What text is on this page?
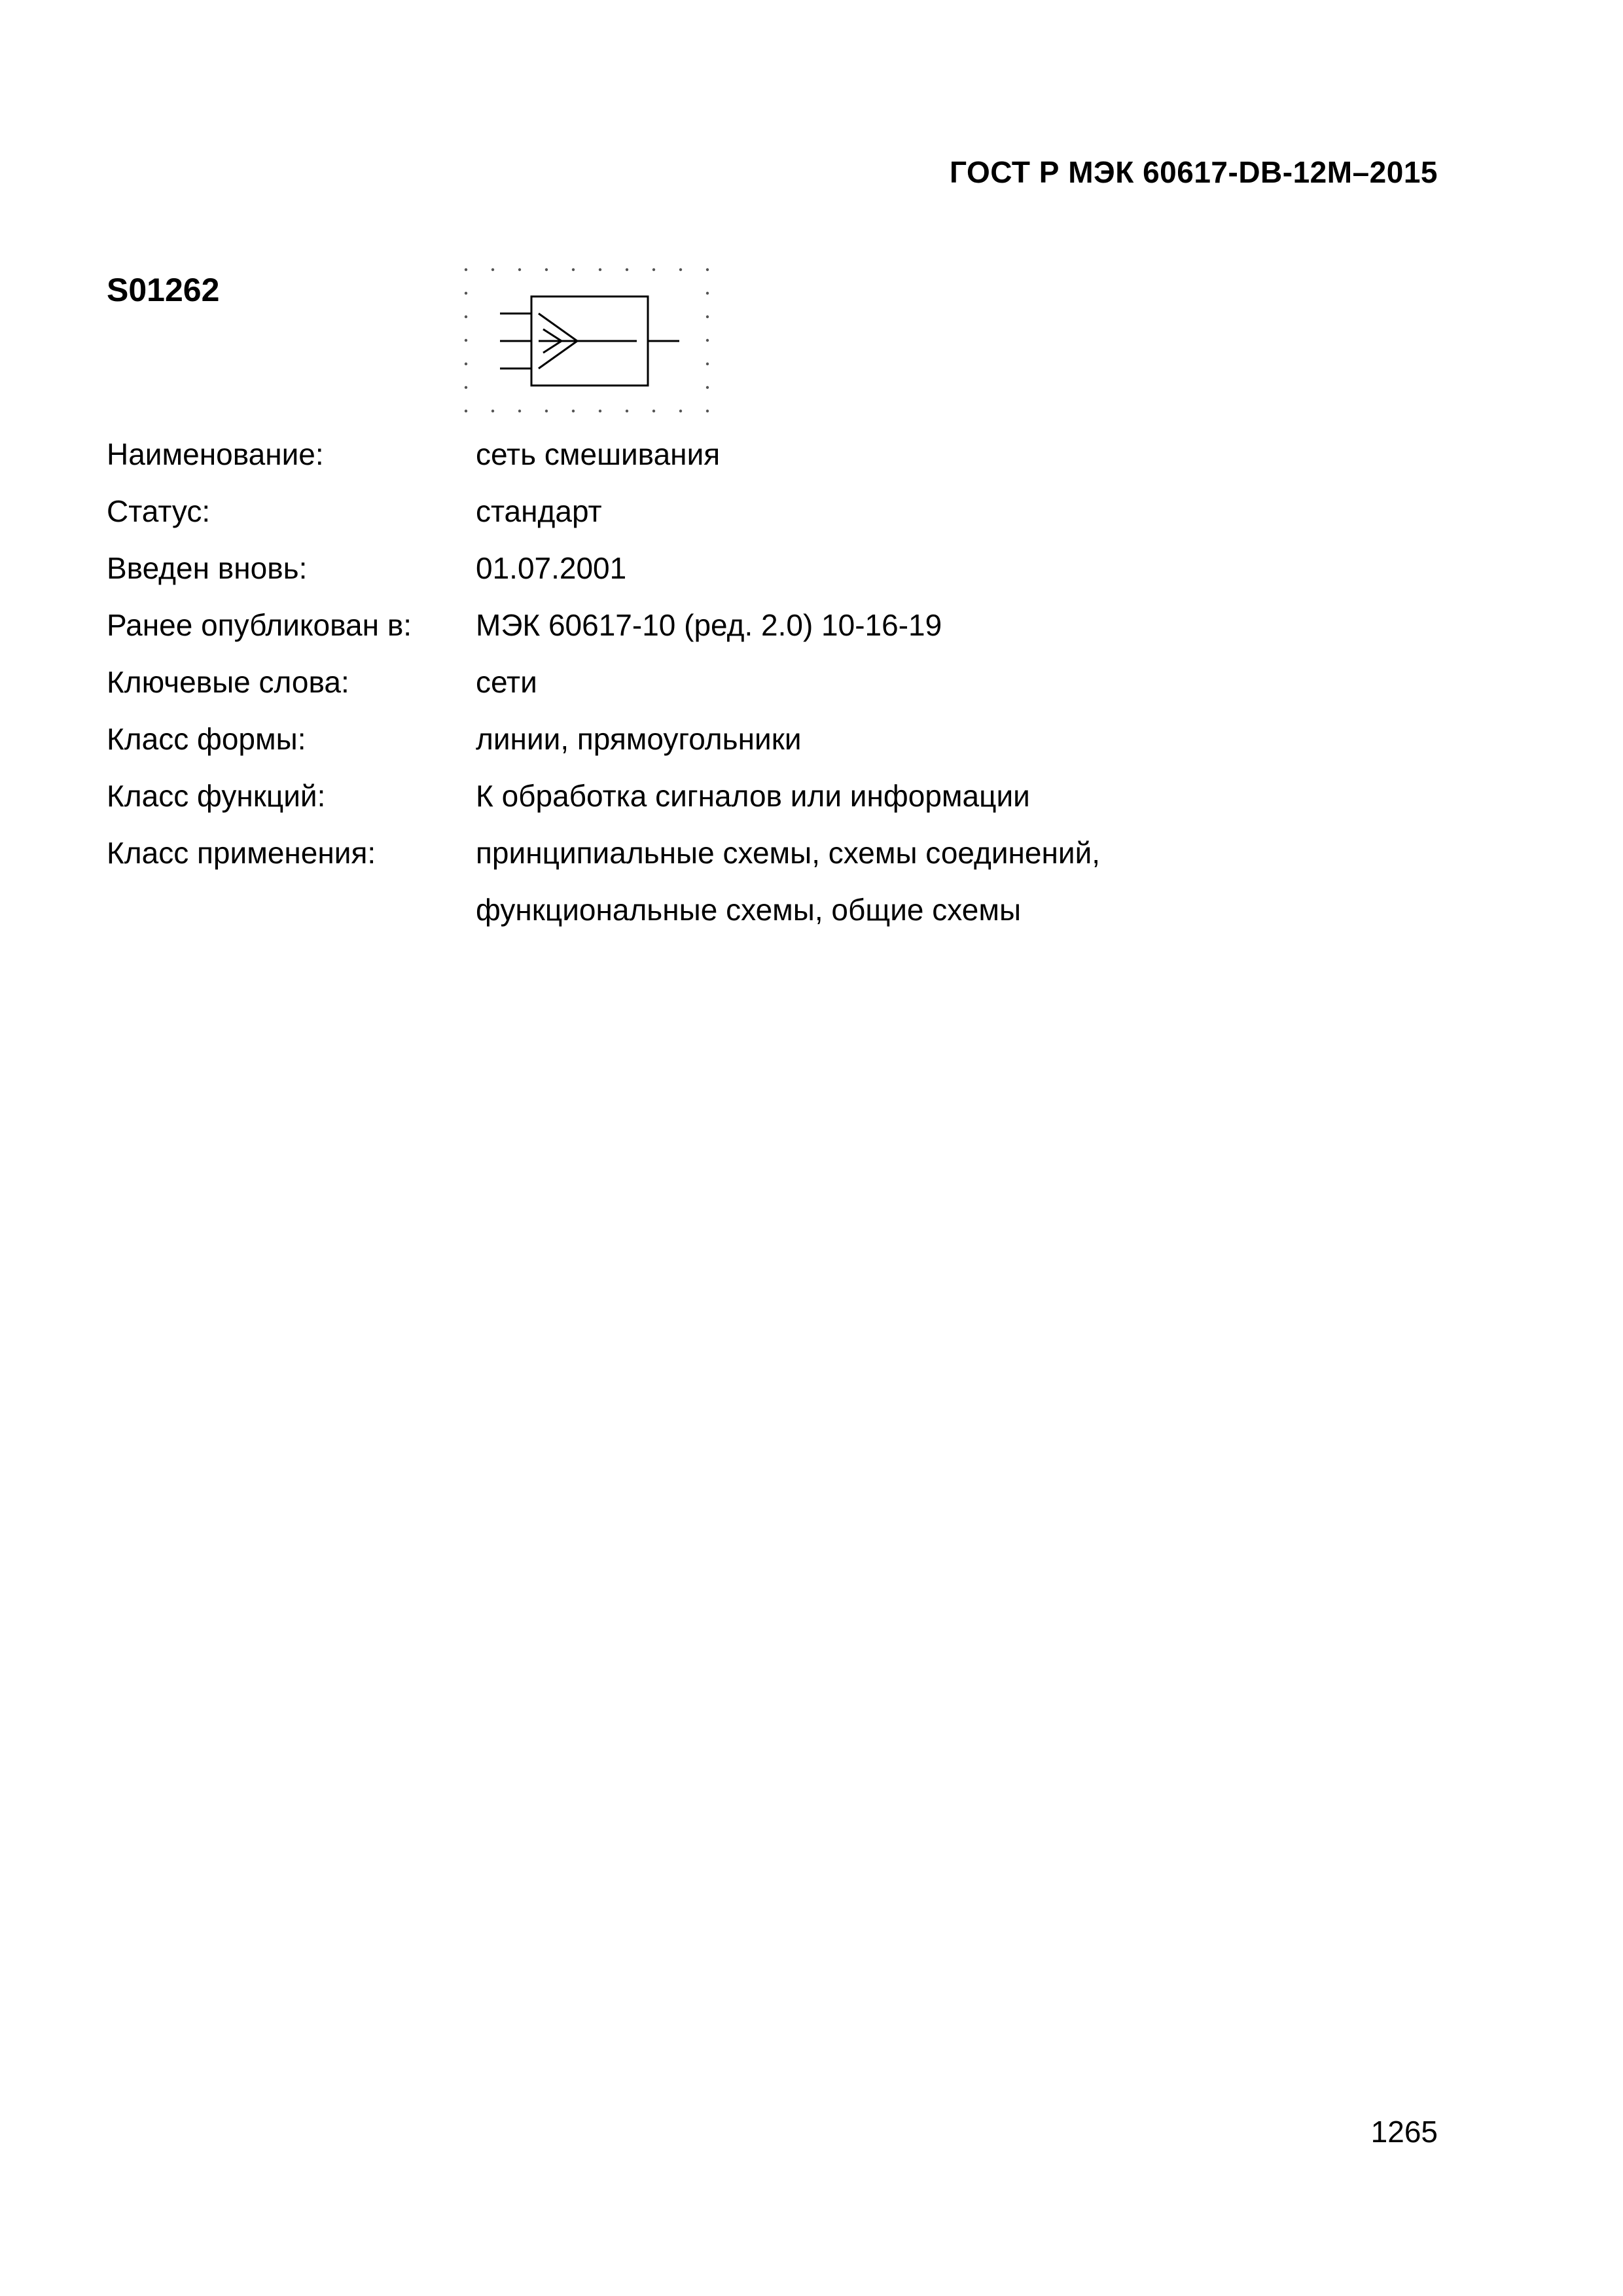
ГОСТ Р МЭК 60617-DB-12M–2015
S01262
Наименование:	сеть смешивания
Статус:	стандарт
Введен вновь:	01.07.2001
Ранее опубликован в:	МЭК 60617-10 (ред. 2.0) 10-16-19
Ключевые слова:	сети
Класс формы:	линии, прямоугольники
Класс функций:	К обработка сигналов или информации
Класс применения:	принципиальные схемы, схемы соединений,
функциональные схемы, общие схемы
1265
